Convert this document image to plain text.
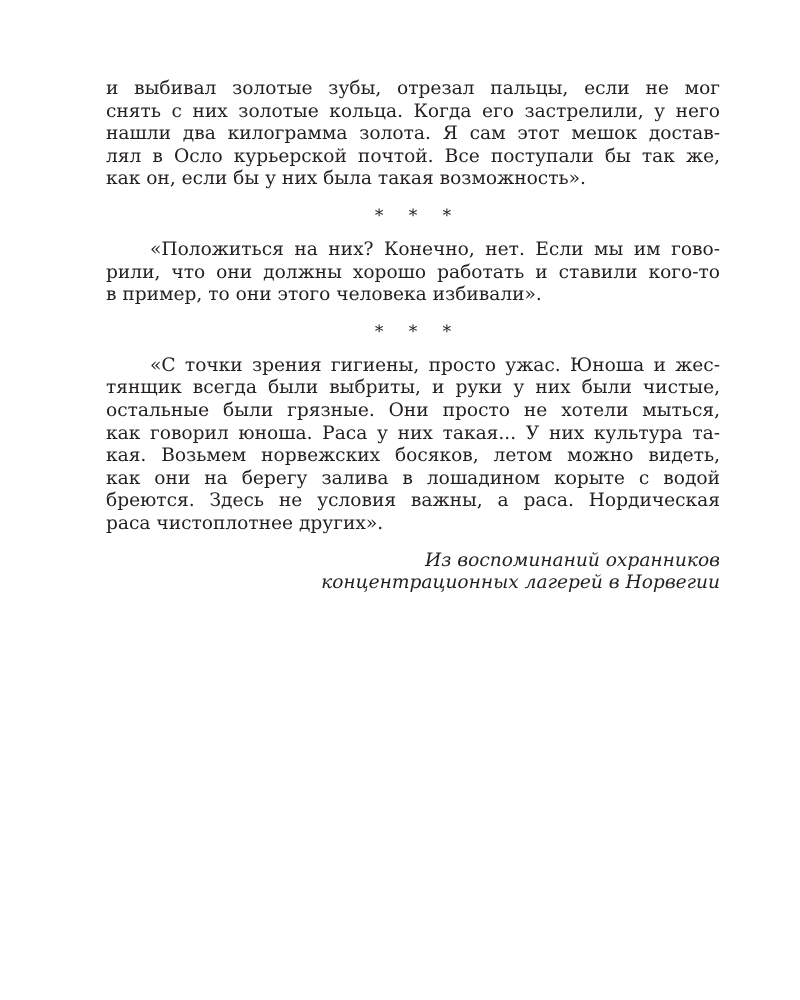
и выбивал золотые зубы, отрезал пальцы, если не мог
снять с них золотые кольца. Когда его застрелили, у него
нашли два килограмма золота. Я сам этот мешок достав-
лял в Осло курьерской почтой. Все поступали бы так же,
как он, если бы у них была такая возможность».
* * *
«Положиться на них? Конечно, нет. Если мы им гово-
рили, что они должны хорошо работать и ставили кого-то
в пример, то они этого человека избивали».
* * *
«С точки зрения гигиены, просто ужас. Юноша и жес-
тянщик всегда были выбриты, и руки у них были чистые,
остальные были грязные. Они просто не хотели мыться,
как говорил юноша. Раса у них такая... У них культура та-
кая. Возьмем норвежских босяков, летом можно видеть,
как они на берегу залива в лошадином корыте с водой
бреются. Здесь не условия важны, а раса. Нордическая
раса чистоплотнее других».
Из воспоминаний охранников
концентрационных лагерей в Норвегии
